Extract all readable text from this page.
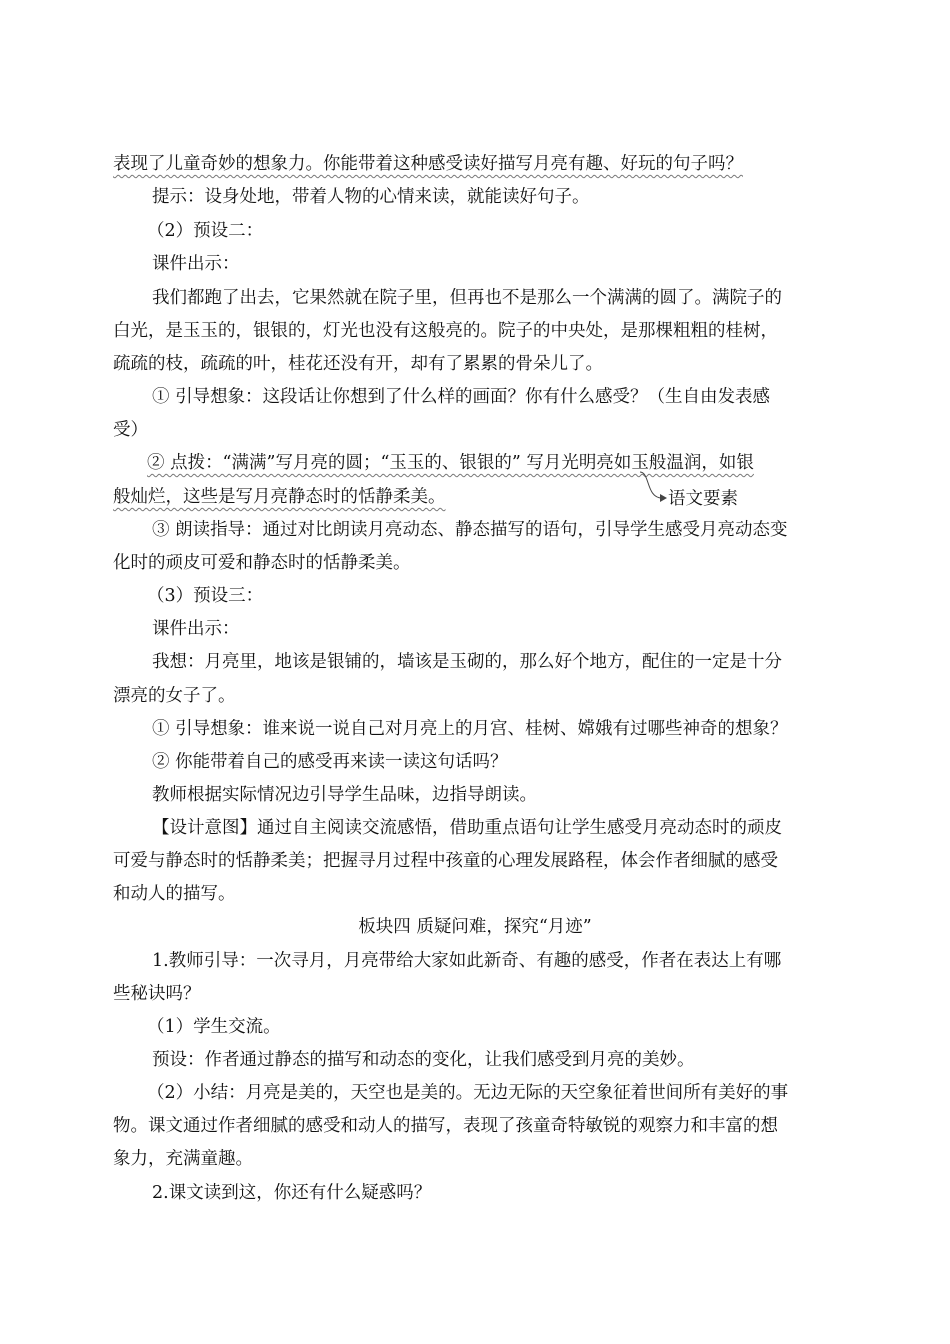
表现了儿童奇妙的想象力。你能带着这种感受读好描写月亮有趣、好玩的句子吗？
提示：设身处地，带着人物的心情来读，就能读好句子。
（2）预设二：
课件出示：
我们都跑了出去，它果然就在院子里，但再也不是那么一个满满的圆了。满院子的
白光，是玉玉的，银银的，灯光也没有这般亮的。院子的中央处，是那棵粗粗的桂树，
疏疏的枝，疏疏的叶，桂花还没有开，却有了累累的骨朵儿了。
① 引导想象：这段话让你想到了什么样的画面？你有什么感受？（生自由发表感
受）
② 点拨：“满满”写月亮的圆；“玉玉的、银银的” 写月光明亮如玉般温润，如银
般灿烂，这些是写月亮静态时的恬静柔美。
③ 朗读指导：通过对比朗读月亮动态、静态描写的语句，引导学生感受月亮动态变
化时的顽皮可爱和静态时的恬静柔美。
（3）预设三：
课件出示：
我想：月亮里，地该是银铺的，墙该是玉砌的，那么好个地方，配住的一定是十分
漂亮的女子了。
① 引导想象：谁来说一说自己对月亮上的月宫、桂树、嫦娥有过哪些神奇的想象？
② 你能带着自己的感受再来读一读这句话吗？
教师根据实际情况边引导学生品味，边指导朗读。
【设计意图】通过自主阅读交流感悟，借助重点语句让学生感受月亮动态时的顽皮
可爱与静态时的恬静柔美；把握寻月过程中孩童的心理发展路程，体会作者细腻的感受
和动人的描写。
板块四 质疑问难，探究“月迹”
1.教师引导：一次寻月，月亮带给大家如此新奇、有趣的感受，作者在表达上有哪
些秘诀吗？
（1）学生交流。
预设：作者通过静态的描写和动态的变化，让我们感受到月亮的美妙。
（2）小结：月亮是美的，天空也是美的。无边无际的天空象征着世间所有美好的事
物。课文通过作者细腻的感受和动人的描写，表现了孩童奇特敏锐的观察力和丰富的想
象力，充满童趣。
2.课文读到这，你还有什么疑惑吗？
语文要素
